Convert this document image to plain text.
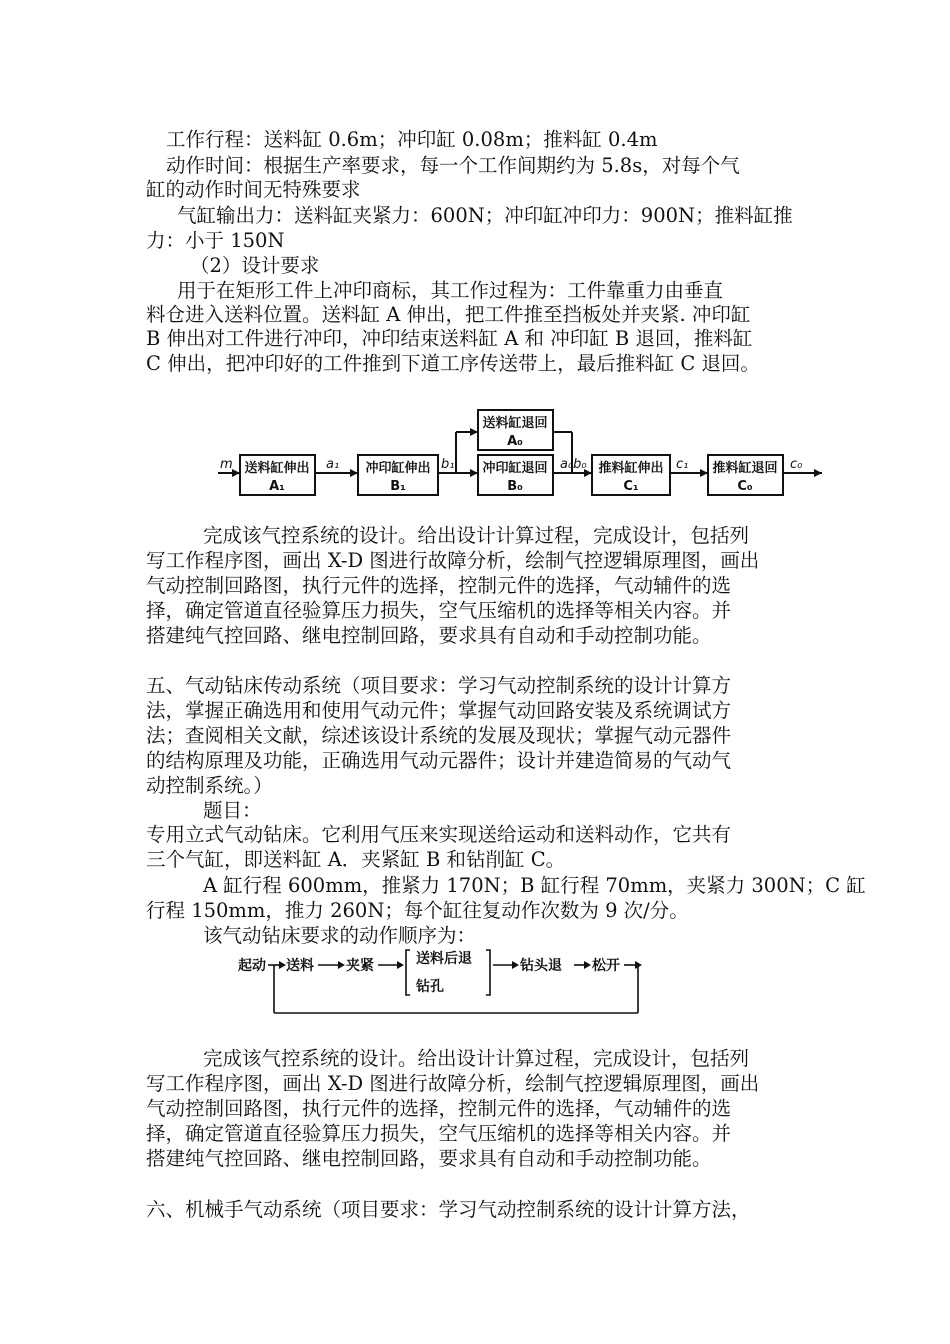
工作行程：送料缸 0.6m；冲印缸 0.08m；推料缸 0.4m
动作时间：根据生产率要求，每一个工作间期约为 5.8s，对每个气
缸的动作时间无特殊要求
气缸输出力：送料缸夹紧力：600N；冲印缸冲印力：900N；推料缸推
力：小于 150N
（2）设计要求
用于在矩形工件上冲印商标，其工作过程为：工件靠重力由垂直
料仓进入送料位置。送料缸 A 伸出，把工件推至挡板处并夹紧. 冲印缸
B 伸出对工件进行冲印，冲印结束送料缸 A 和 冲印缸 B 退回，推料缸
C 伸出，把冲印好的工件推到下道工序传送带上，最后推料缸 C 退回。
送料缸伸出
A₁
冲印缸伸出
B₁
送料缸退回
A₀
冲印缸退回
B₀
推料缸伸出
C₁
推料缸退回
C₀
m	a₁	b₁	a₀b₀	c₁	c₀
完成该气控系统的设计。给出设计计算过程，完成设计，包括列
写工作程序图，画出 X-D 图进行故障分析，绘制气控逻辑原理图，画出
气动控制回路图，执行元件的选择，控制元件的选择，气动辅件的选
择，确定管道直径验算压力损失，空气压缩机的选择等相关内容。并
搭建纯气控回路、继电控制回路，要求具有自动和手动控制功能。
五、气动钻床传动系统（项目要求：学习气动控制系统的设计计算方
法，掌握正确选用和使用气动元件；掌握气动回路安装及系统调试方
法；查阅相关文献，综述该设计系统的发展及现状；掌握气动元器件
的结构原理及功能，正确选用气动元器件；设计并建造简易的气动气
动控制系统。）
题目：
专用立式气动钻床。它利用气压来实现送给运动和送料动作，它共有
三个气缸，即送料缸 A．夹紧缸 B 和钻削缸 C。
A 缸行程 600mm，推紧力 170N；B 缸行程 70mm，夹紧力 300N；C 缸
行程 150mm，推力 260N；每个缸往复动作次数为 9 次/分。
该气动钻床要求的动作顺序为：
起动 送料 夹紧	送料后退
钻孔
钻头退 松开
完成该气控系统的设计。给出设计计算过程，完成设计，包括列
写工作程序图，画出 X-D 图进行故障分析，绘制气控逻辑原理图，画出
气动控制回路图，执行元件的选择，控制元件的选择，气动辅件的选
择，确定管道直径验算压力损失，空气压缩机的选择等相关内容。并
搭建纯气控回路、继电控制回路，要求具有自动和手动控制功能。
六、机械手气动系统（项目要求：学习气动控制系统的设计计算方法，
